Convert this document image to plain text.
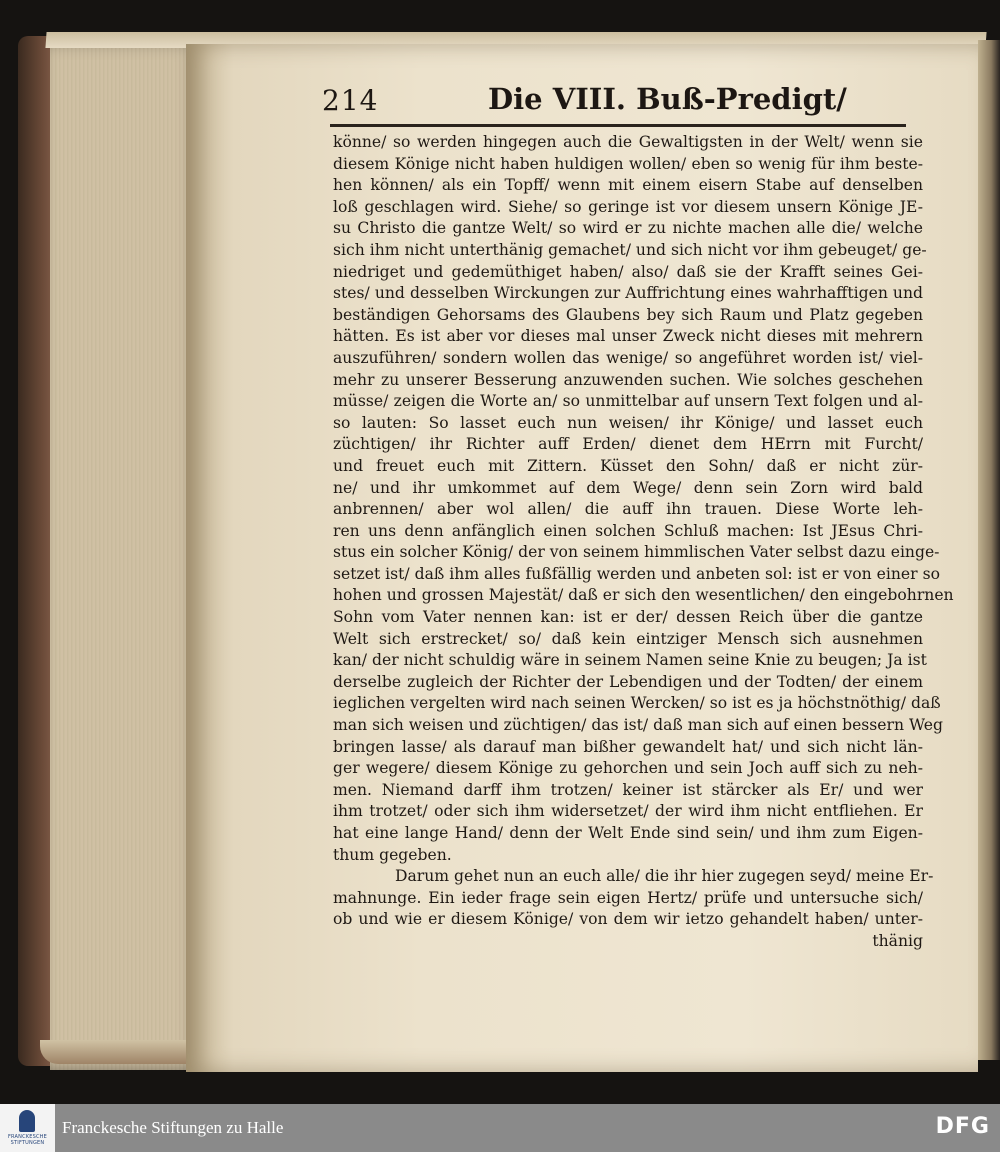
214	Die VIII. Buß-Predigt/
könne/ so werden hingegen auch die Gewaltigsten in der Welt/ wenn sie
diesem Könige nicht haben huldigen wollen/ eben so wenig für ihm beste-
hen können/ als ein Topff/ wenn mit einem eisern Stabe auf denselben
loß geschlagen wird. Siehe/ so geringe ist vor diesem unsern Könige JE-
su Christo die gantze Welt/ so wird er zu nichte machen alle die/ welche
sich ihm nicht unterthänig gemachet/ und sich nicht vor ihm gebeuget/ ge-
niedriget und gedemüthiget haben/ also/ daß sie der Krafft seines Gei-
stes/ und desselben Wirckungen zur Auffrichtung eines wahrhafftigen und
beständigen Gehorsams des Glaubens bey sich Raum und Platz gegeben
hätten. Es ist aber vor dieses mal unser Zweck nicht dieses mit mehrern
auszuführen/ sondern wollen das wenige/ so angeführet worden ist/ viel-
mehr zu unserer Besserung anzuwenden suchen. Wie solches geschehen
müsse/ zeigen die Worte an/ so unmittelbar auf unsern Text folgen und al-
so lauten: So lasset euch nun weisen/ ihr Könige/ und lasset euch
züchtigen/ ihr Richter auff Erden/ dienet dem HErrn mit Furcht/
und freuet euch mit Zittern. Küsset den Sohn/ daß er nicht zür-
ne/ und ihr umkommet auf dem Wege/ denn sein Zorn wird bald
anbrennen/ aber wol allen/ die auff ihn trauen. Diese Worte leh-
ren uns denn anfänglich einen solchen Schluß machen: Ist JEsus Chri-
stus ein solcher König/ der von seinem himmlischen Vater selbst dazu einge-
setzet ist/ daß ihm alles fußfällig werden und anbeten sol: ist er von einer so
hohen und grossen Majestät/ daß er sich den wesentlichen/ den eingebohrnen
Sohn vom Vater nennen kan: ist er der/ dessen Reich über die gantze
Welt sich erstrecket/ so/ daß kein eintziger Mensch sich ausnehmen
kan/ der nicht schuldig wäre in seinem Namen seine Knie zu beugen; Ja ist
derselbe zugleich der Richter der Lebendigen und der Todten/ der einem
ieglichen vergelten wird nach seinen Wercken/ so ist es ja höchstnöthig/ daß
man sich weisen und züchtigen/ das ist/ daß man sich auf einen bessern Weg
bringen lasse/ als darauf man bißher gewandelt hat/ und sich nicht län-
ger wegere/ diesem Könige zu gehorchen und sein Joch auff sich zu neh-
men. Niemand darff ihm trotzen/ keiner ist stärcker als Er/ und wer
ihm trotzet/ oder sich ihm widersetzet/ der wird ihm nicht entfliehen. Er
hat eine lange Hand/ denn der Welt Ende sind sein/ und ihm zum Eigen-
thum gegeben.
Darum gehet nun an euch alle/ die ihr hier zugegen seyd/ meine Er-
mahnunge. Ein ieder frage sein eigen Hertz/ prüfe und untersuche sich/
ob und wie er diesem Könige/ von dem wir ietzo gehandelt haben/ unter-
thänig
FRANCKESCHE STIFTUNGEN
Franckesche Stiftungen zu Halle	DFG
